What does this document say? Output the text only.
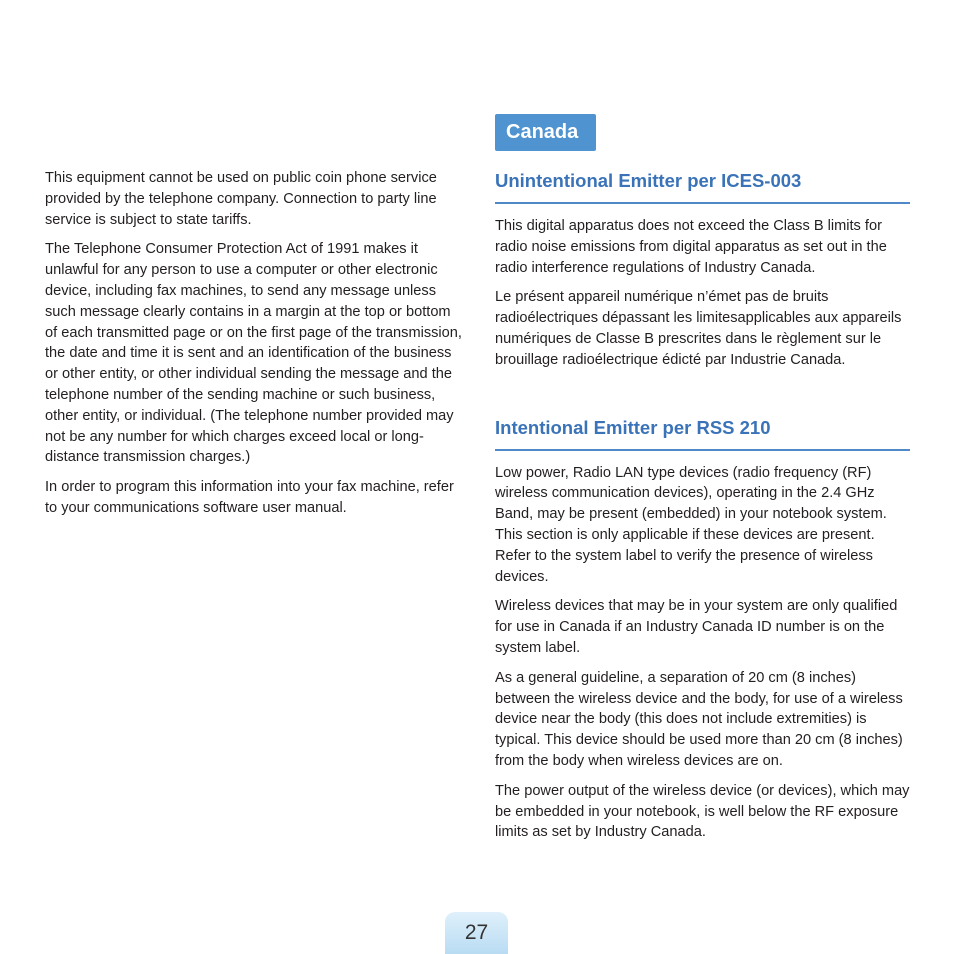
This equipment cannot be used on public coin phone service provided by the telephone company. Connection to party line service is subject to state tariffs.

The Telephone Consumer Protection Act of 1991 makes it unlawful for any person to use a computer or other electronic device, including fax machines, to send any message unless such message clearly contains in a margin at the top or bottom of each transmitted page or on the first page of the transmission, the date and time it is sent and an identification of the business or other entity, or other individual sending the message and the telephone number of the sending machine or such business, other entity, or individual. (The telephone number provided may not be any number for which charges exceed local or long-distance transmission charges.)

In order to program this information into your fax machine, refer to your communications software user manual.

Canada
Unintentional Emitter per ICES-003

This digital apparatus does not exceed the Class B limits for radio noise emissions from digital apparatus as set out in the radio interference regulations of Industry Canada.

Le présent appareil numérique n’émet pas de bruits radioélectriques dépassant les limitesapplicables aux appareils numériques de Classe B prescrites dans le règlement sur le brouillage radioélectrique édicté par Industrie Canada.

Intentional Emitter per RSS 210

Low power, Radio LAN type devices (radio frequency (RF) wireless communication devices), operating in the 2.4 GHz Band, may be present (embedded) in your notebook system. This section is only applicable if these devices are present. Refer to the system label to verify the presence of wireless devices.

Wireless devices that may be in your system are only qualified for use in Canada if an Industry Canada ID number is on the system label.

As a general guideline, a separation of 20 cm (8 inches) between the wireless device and the body, for use of a wireless device near the body (this does not include extremities) is typical. This device should be used more than 20 cm (8 inches) from the body when wireless devices are on.

The power output of the wireless device (or devices), which may be embedded in your notebook, is well below the RF exposure limits as set by Industry Canada.

27
